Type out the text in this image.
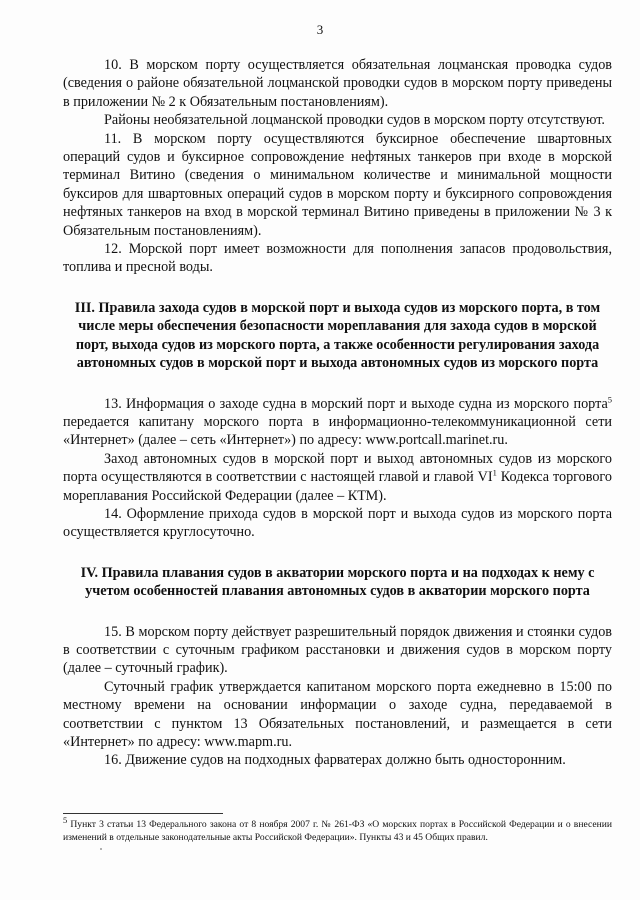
3

10. В морском порту осуществляется обязательная лоцманская проводка судов (сведения о районе обязательной лоцманской проводки судов в морском порту приведены в приложении № 2 к Обязательным постановлениям).

Районы необязательной лоцманской проводки судов в морском порту отсутствуют.

11. В морском порту осуществляются буксирное обеспечение швартовных операций судов и буксирное сопровождение нефтяных танкеров при входе в морской терминал Витино (сведения о минимальном количестве и минимальной мощности буксиров для швартовных операций судов в морском порту и буксирного сопровождения нефтяных танкеров на вход в морской терминал Витино приведены в приложении № 3 к Обязательным постановлениям).

12. Морской порт имеет возможности для пополнения запасов продовольствия, топлива и пресной воды.

III. Правила захода судов в морской порт и выхода судов из морского порта, в том числе меры обеспечения безопасности мореплавания для захода судов в морской порт, выхода судов из морского порта, а также особенности регулирования захода автономных судов в морской порт и выхода автономных судов из морского порта

13. Информация о заходе судна в морский порт и выходе судна из морского порта$^5$ передается капитану морского порта в информационно-телекоммуникационной сети «Интернет» (далее – сеть «Интернет») по адресу: www.portcall.marinet.ru.

Заход автономных судов в морской порт и выход автономных судов из морского порта осуществляются в соответствии с настоящей главой и главой $VI^1$ Кодекса торгового мореплавания Российской Федерации (далее – КТМ).

14. Оформление прихода судов в морской порт и выхода судов из морского порта осуществляется круглосуточно.

IV. Правила плавания судов в акватории морского порта и на подходах к нему с учетом особенностей плавания автономных судов в акватории морского порта

15. В морском порту действует разрешительный порядок движения и стоянки судов в соответствии с суточным графиком расстановки и движения судов в морском порту (далее – суточный график).

Суточный график утверждается капитаном морского порта ежедневно в 15:00 по местному времени на основании информации о заходе судна, передаваемой в соответствии с пунктом 13 Обязательных постановлений, и размещается в сети «Интернет» по адресу: www.mapm.ru.

16. Движение судов на подходных фарватерах должно быть односторонним.

$^5$ Пункт 3 статьи 13 Федерального закона от 8 ноября 2007 г. № 261-ФЗ «О морских портах в Российской Федерации и о внесении изменений в отдельные законодательные акты Российской Федерации». Пункты 43 и 45 Общих правил.
